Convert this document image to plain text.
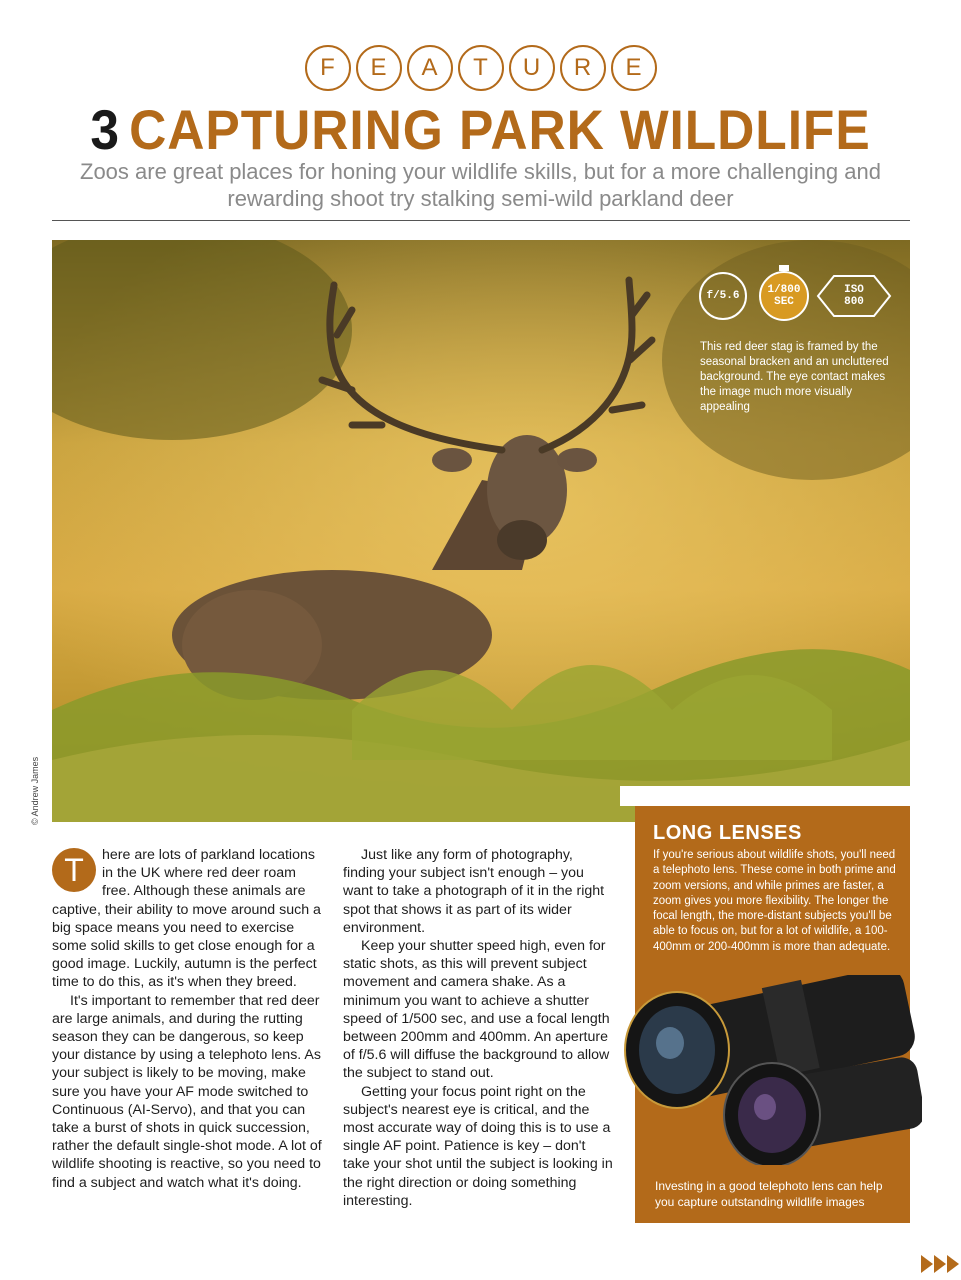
F	E	A	T	U	R	E
3 CAPTURING PARK WILDLIFE

Zoos are great places for honing your wildlife skills, but for a more challenging and rewarding shoot try stalking semi-wild parkland deer

© Andrew James
f/5.6	1/800
SEC
ISO
800

This red deer stag is framed by the seasonal bracken and an uncluttered background. The eye contact makes the image much more visually appealing

T	here are lots of parkland locations in the UK where red deer roam free. Although these animals are captive, their ability to move around such a big space means you need to exercise some solid skills to get close enough for a good image. Luckily, autumn is the perfect time to do this, as it's when they breed.

It's important to remember that red deer are large animals, and during the rutting season they can be dangerous, so keep your distance by using a telephoto lens. As your subject is likely to be moving, make sure you have your AF mode switched to Continuous (AI-Servo), and that you can take a burst of shots in quick succession, rather the default single-shot mode. A lot of wildlife shooting is reactive, so you need to find a subject and watch what it's doing.

Just like any form of photography, finding your subject isn't enough – you want to take a photograph of it in the right spot that shows it as part of its wider environment.

Keep your shutter speed high, even for static shots, as this will prevent subject movement and camera shake. As a minimum you want to achieve a shutter speed of 1/500 sec, and use a focal length between 200mm and 400mm. An aperture of f/5.6 will diffuse the background to allow the subject to stand out.

Getting your focus point right on the subject's nearest eye is critical, and the most accurate way of doing this is to use a single AF point. Patience is key – don't take your shot until the subject is looking in the right direction or doing something interesting.

LONG LENSES

If you're serious about wildlife shots, you'll need a telephoto lens. These come in both prime and zoom versions, and while primes are faster, a zoom gives you more flexibility. The longer the focal length, the more-distant subjects you'll be able to focus on, but for a lot of wildlife, a 100-400mm or 200-400mm is more than adequate.

Investing in a good telephoto lens can help you capture outstanding wildlife images
